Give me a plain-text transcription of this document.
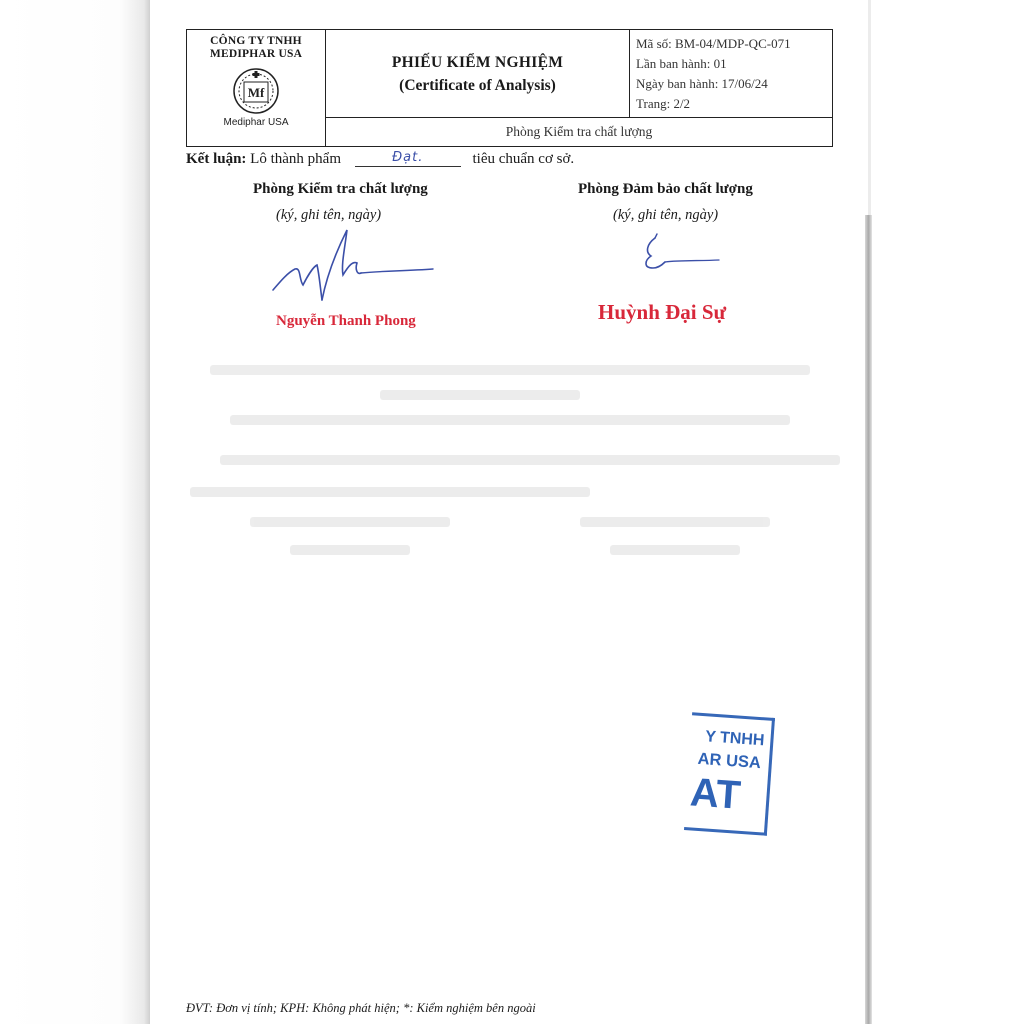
CÔNG TY TNHH
MEDIPHAR USA
Mf
Mediphar USA

PHIẾU KIỂM NGHIỆM
(Certificate of Analysis)

Mã số: BM-04/MDP-QC-071
Lần ban hành: 01
Ngày ban hành: 17/06/24
Trang: 2/2

Phòng Kiểm tra chất lượng
Kết luận: Lô thành phẩm	Đạt.	tiêu chuẩn cơ sở.
Phòng Kiểm tra chất lượng
(ký, ghi tên, ngày)
Phòng Đảm bảo chất lượng
(ký, ghi tên, ngày)
Nguyễn Thanh Phong	Huỳnh Đại Sự
Y TNHH
AR USA
AT
ĐVT: Đơn vị tính; KPH: Không phát hiện; *: Kiểm nghiệm bên ngoài
